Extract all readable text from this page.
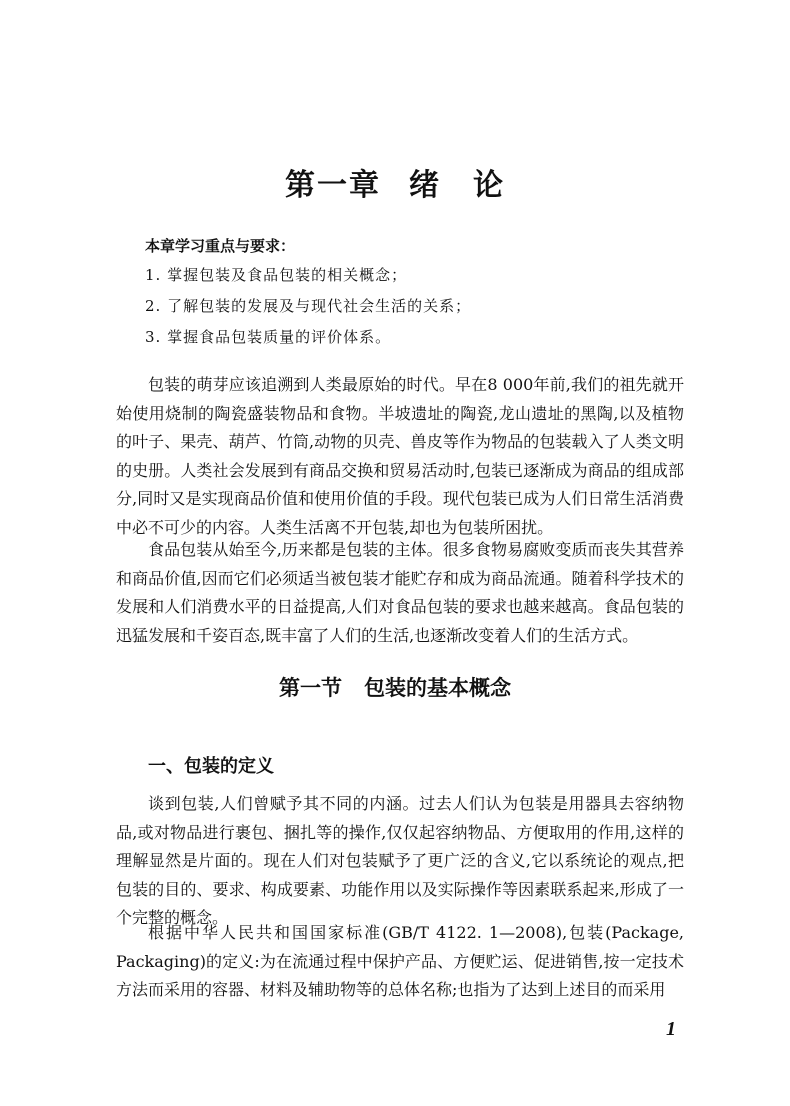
第一章 绪　论
本章学习重点与要求：
1. 掌握包装及食品包装的相关概念；
2. 了解包装的发展及与现代社会生活的关系；
3. 掌握食品包装质量的评价体系。

包装的萌芽应该追溯到人类最原始的时代。早在8 000年前,我们的祖先就开始使用烧制的陶瓷盛装物品和食物。半坡遗址的陶瓷,龙山遗址的黑陶,以及植物的叶子、果壳、葫芦、竹筒,动物的贝壳、兽皮等作为物品的包装载入了人类文明的史册。人类社会发展到有商品交换和贸易活动时,包装已逐渐成为商品的组成部分,同时又是实现商品价值和使用价值的手段。现代包装已成为人们日常生活消费中必不可少的内容。人类生活离不开包装,却也为包装所困扰。

食品包装从始至今,历来都是包装的主体。很多食物易腐败变质而丧失其营养和商品价值,因而它们必须适当被包装才能贮存和成为商品流通。随着科学技术的发展和人们消费水平的日益提高,人们对食品包装的要求也越来越高。食品包装的迅猛发展和千姿百态,既丰富了人们的生活,也逐渐改变着人们的生活方式。

第一节 包装的基本概念
一、包装的定义

谈到包装,人们曾赋予其不同的内涵。过去人们认为包装是用器具去容纳物品,或对物品进行裹包、捆扎等的操作,仅仅起容纳物品、方便取用的作用,这样的理解显然是片面的。现在人们对包装赋予了更广泛的含义,它以系统论的观点,把包装的目的、要求、构成要素、功能作用以及实际操作等因素联系起来,形成了一个完整的概念。

根据中华人民共和国国家标准(GB/T 4122. 1—2008),包装(Package, Packaging)的定义:为在流通过程中保护产品、方便贮运、促进销售,按一定技术方法而采用的容器、材料及辅助物等的总体名称;也指为了达到上述目的而采用

1
